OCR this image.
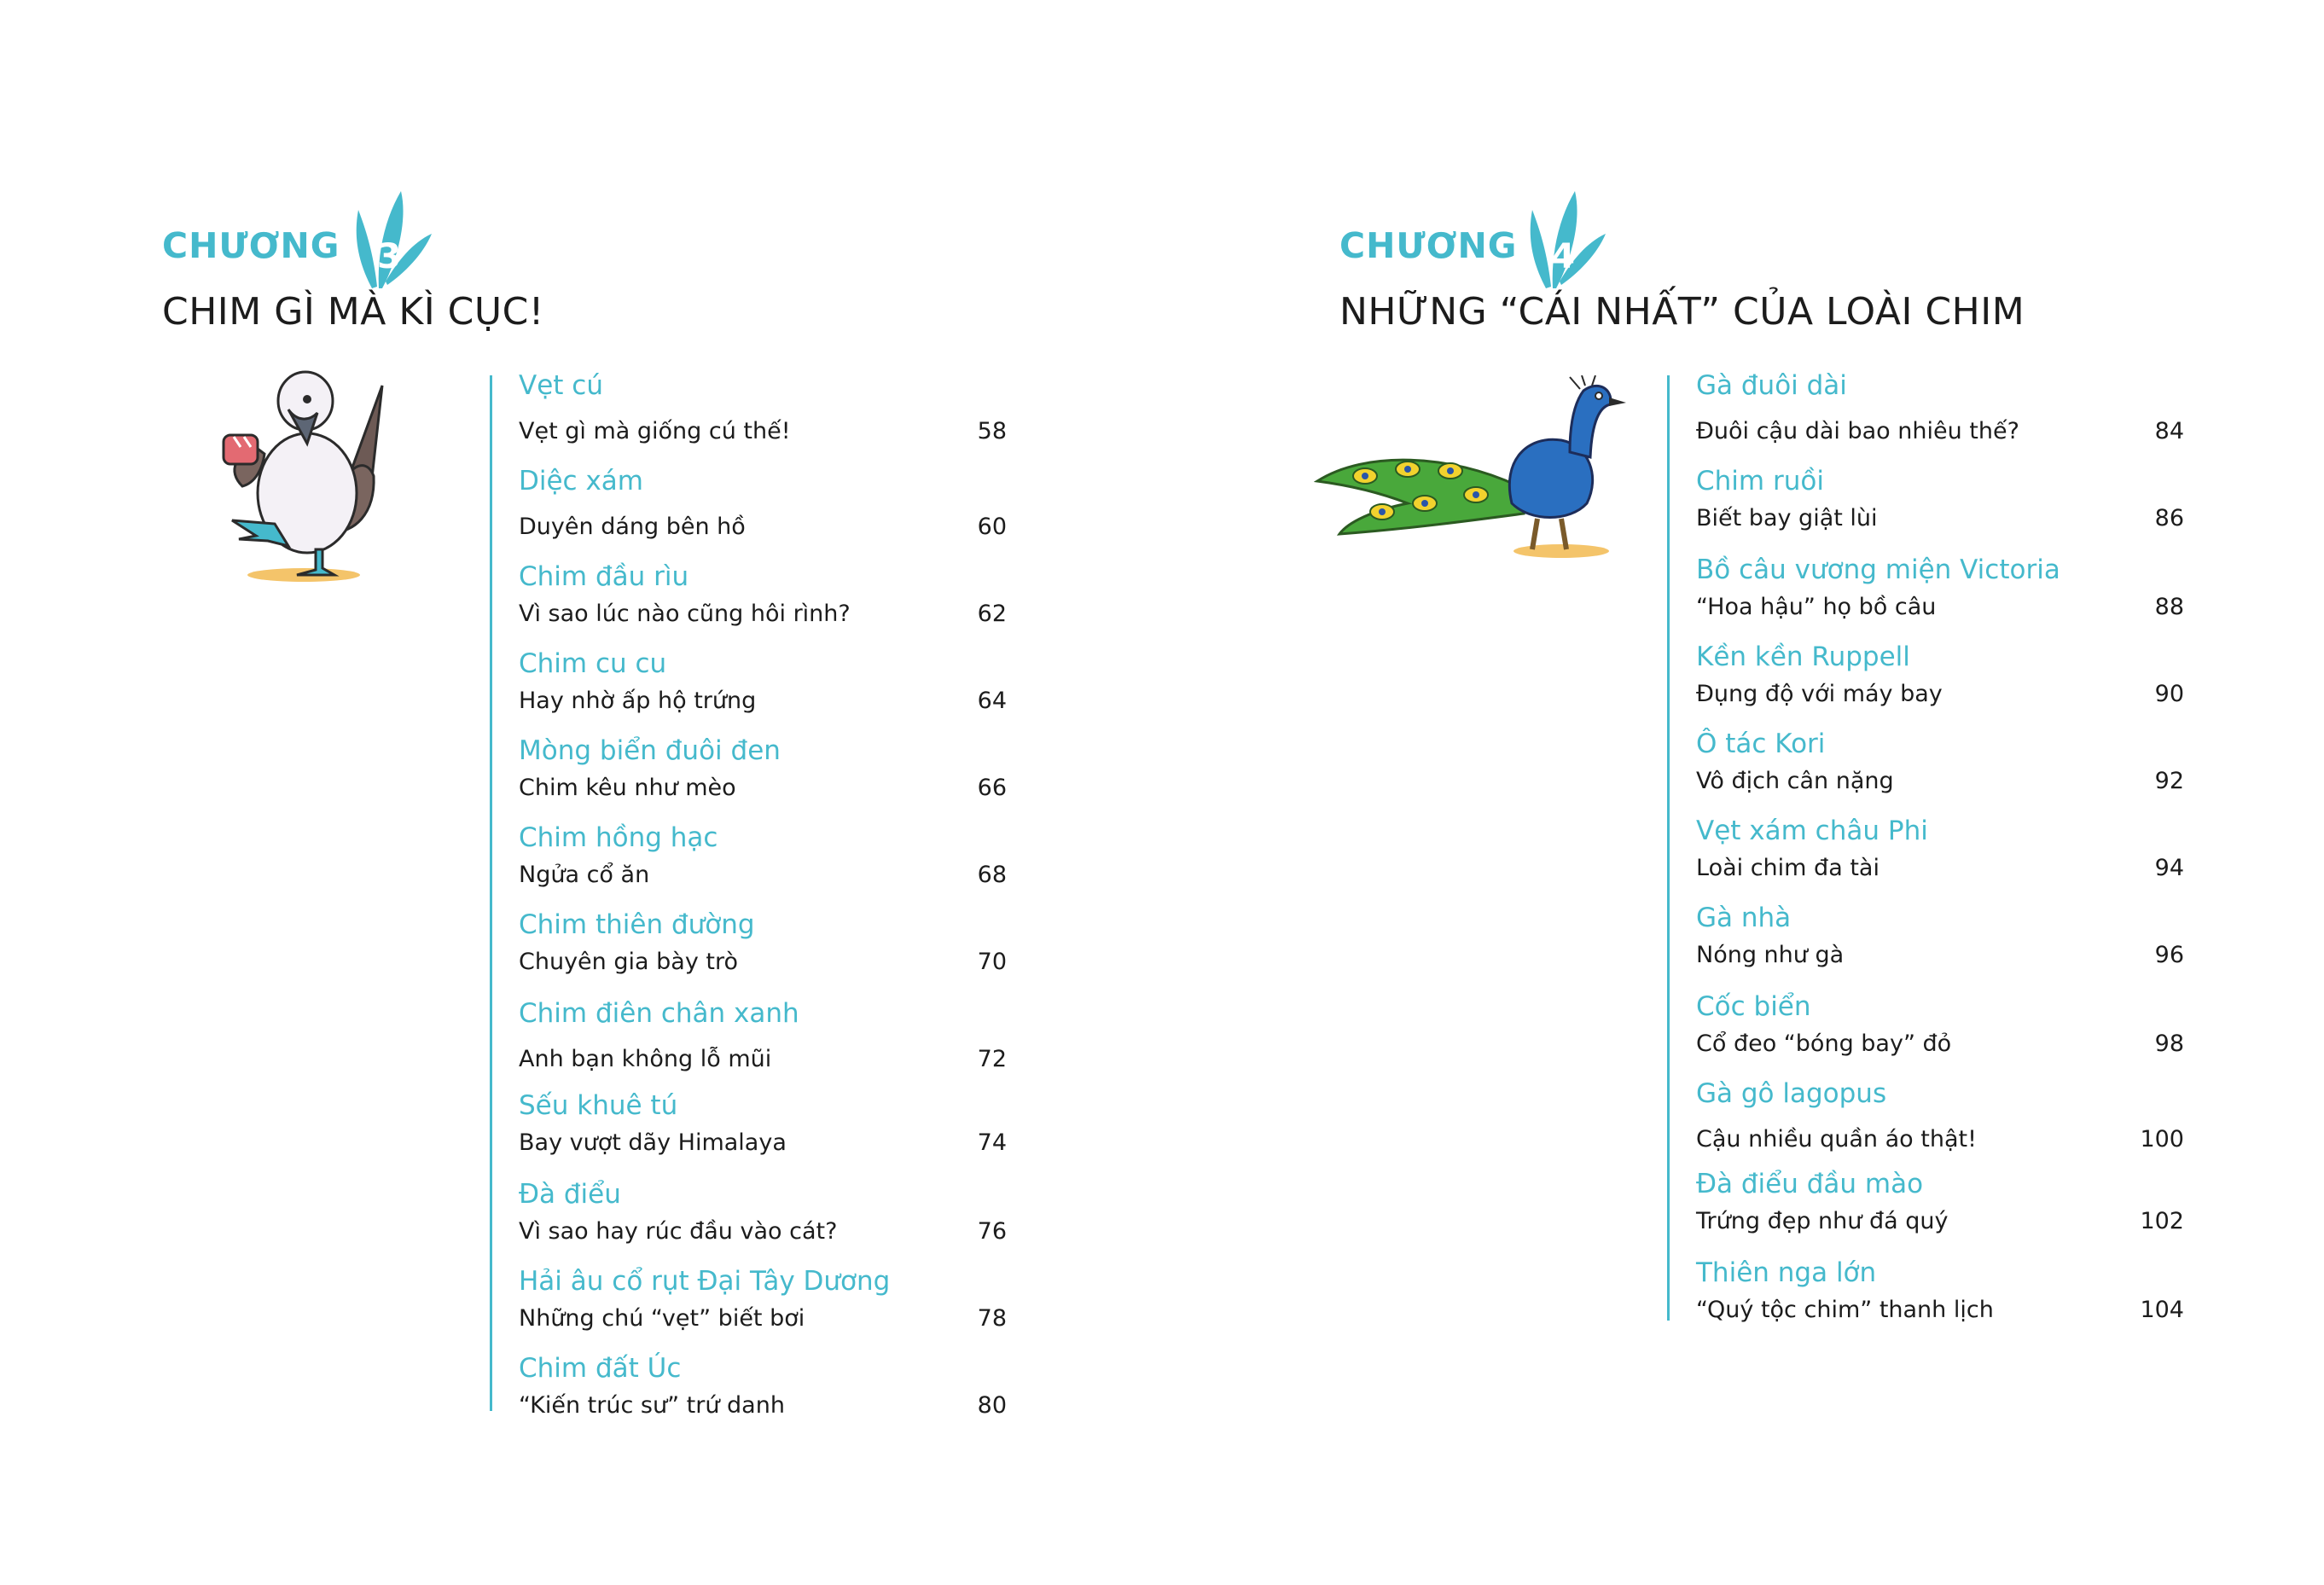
CHƯƠNG 3
CHIM GÌ MÀ KÌ CỤC!
Vẹt cú
Vẹt gì mà giống cú thế!	58
Diệc xám
Duyên dáng bên hồ	60
Chim đầu rìu
Vì sao lúc nào cũng hôi rình?	62
Chim cu cu
Hay nhờ ấp hộ trứng	64
Mòng biển đuôi đen
Chim kêu như mèo	66
Chim hồng hạc
Ngửa cổ ăn	68
Chim thiên đường
Chuyên gia bày trò	70
Chim điên chân xanh
Anh bạn không lỗ mũi	72
Sếu khuê tú
Bay vượt dãy Himalaya	74
Đà điểu
Vì sao hay rúc đầu vào cát?	76
Hải âu cổ rụt Đại Tây Dương
Những chú “vẹt” biết bơi	78
Chim đất Úc
“Kiến trúc sư” trứ danh	80
CHƯƠNG 4
NHỮNG “CÁI NHẤT” CỦA LOÀI CHIM
Gà đuôi dài
Đuôi cậu dài bao nhiêu thế?	84
Chim ruồi
Biết bay giật lùi	86
Bồ câu vương miện Victoria
“Hoa hậu” họ bồ câu	88
Kền kền Ruppell
Đụng độ với máy bay	90
Ô tác Kori
Vô địch cân nặng	92
Vẹt xám châu Phi
Loài chim đa tài	94
Gà nhà
Nóng như gà	96
Cốc biển
Cổ đeo “bóng bay” đỏ	98
Gà gô lagopus
Cậu nhiều quần áo thật!	100
Đà điểu đầu mào
Trứng đẹp như đá quý	102
Thiên nga lớn
“Quý tộc chim” thanh lịch	104
